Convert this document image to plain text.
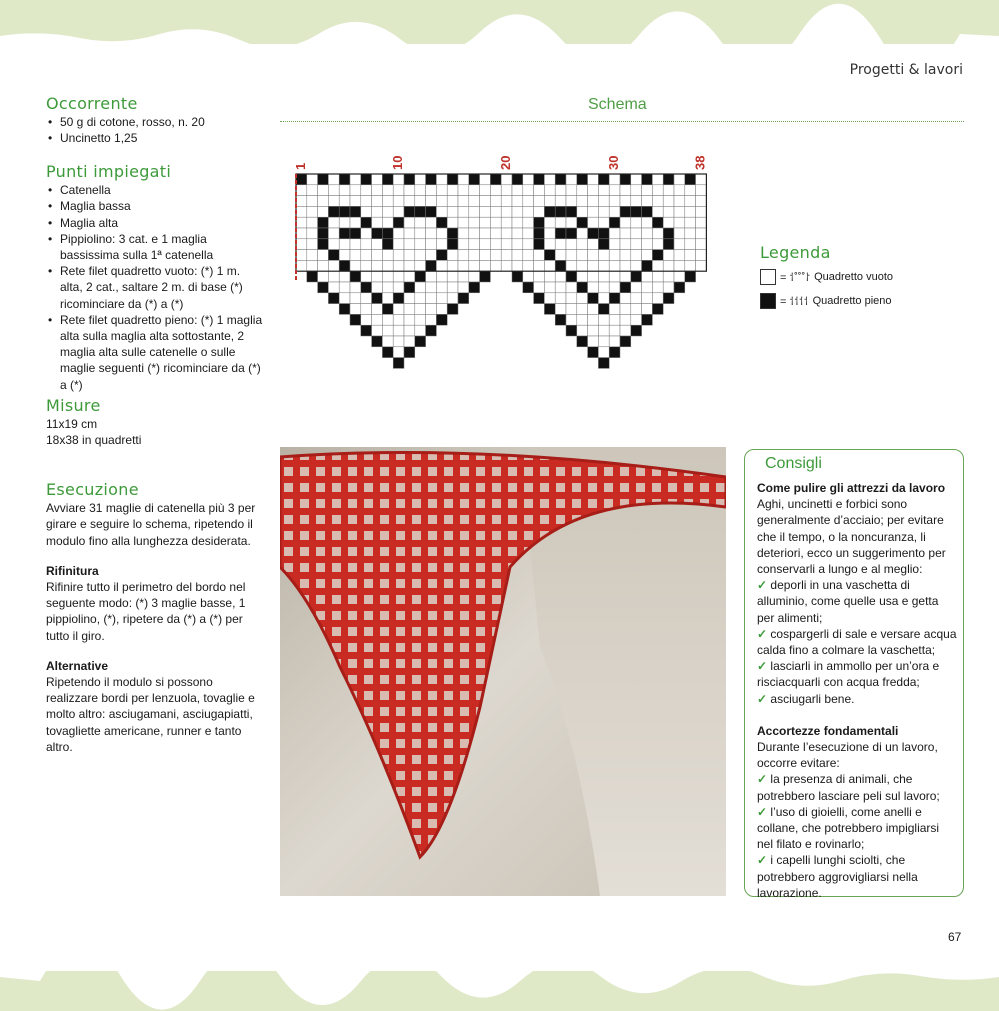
Progetti & lavori
Occorrente
• 50 g di cotone, rosso, n. 20
• Uncinetto 1,25
Punti impiegati
• Catenella
• Maglia bassa
• Maglia alta
• Pippiolino: 3 cat. e 1 maglia bassissima sulla 1ª catenella
• Rete filet quadretto vuoto: (*) 1 m. alta, 2 cat., saltare 2 m. di base (*) ricominciare da (*) a (*)
• Rete filet quadretto pieno: (*) 1 maglia alta sulla maglia alta sottostante, 2 maglia alta sulle catenelle o sulle maglie seguenti (*) ricominciare da (*) a (*)
Misure
11x19 cm
18x38 in quadretti
Esecuzione

Avviare 31 maglie di catenella più 3 per girare e seguire lo schema, ripetendo il modulo fino alla lunghezza desiderata.

Rifinitura

Rifinire tutto il perimetro del bordo nel seguente modo: (*) 3 maglie basse, 1 pippiolino, (*), ripetere da (*) a (*) per tutto il giro.

Alternative

Ripetendo il modulo si possono realizzare bordi per lenzuola, tovaglie e molto altro: asciugamani, asciugapiatti, tovagliette americane, runner e tanto altro.

Schema
1	10	20	30	38
Legenda
= ⸶˚˚˚⸷ Quadretto vuoto
= ⸶⸶⸶⸶ Quadretto pieno
Consigli
Come pulire gli attrezzi da lavoro
Aghi, uncinetti e forbici sono generalmente d’acciaio; per evitare che il tempo, o la noncuranza, li deteriori, ecco un suggerimento per conservarli a lungo e al meglio:
✓ deporli in una vaschetta di alluminio, come quelle usa e getta per alimenti;
✓ cospargerli di sale e versare acqua calda fino a colmare la vaschetta;
✓ lasciarli in ammollo per un’ora e risciacquarli con acqua fredda;
✓ asciugarli bene.
Accortezze fondamentali
Durante l’esecuzione di un lavoro, occorre evitare:
✓ la presenza di animali, che potrebbero lasciare peli sul lavoro;
✓ l’uso di gioielli, come anelli e collane, che potrebbero impigliarsi nel filato e rovinarlo;
✓ i capelli lunghi sciolti, che potrebbero aggrovigliarsi nella lavorazione.
67
